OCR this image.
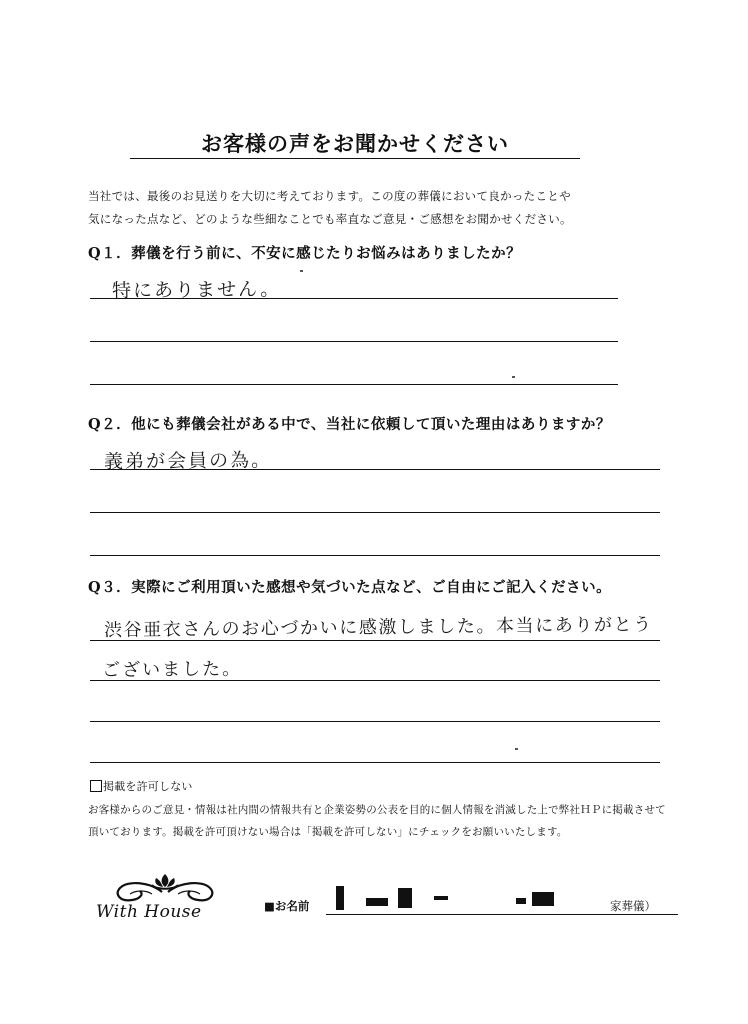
お客様の声をお聞かせください
当社では、最後のお見送りを大切に考えております。この度の葬儀において良かったことや
気になった点など、どのような些細なことでも率直なご意見・ご感想をお聞かせください。
Q１．葬儀を行う前に、不安に感じたりお悩みはありましたか？
特にありません。
Q２．他にも葬儀会社がある中で、当社に依頼して頂いた理由はありますか？
義弟が会員の為。
Q３．実際にご利用頂いた感想や気づいた点など、ご自由にご記入ください。
渋谷亜衣さんのお心づかいに感激しました。本当にありがとう
ございました。
掲載を許可しない
お客様からのご意見・情報は社内間の情報共有と企業姿勢の公表を目的に個人情報を消滅した上で弊社ＨＰに掲載させて
頂いております。掲載を許可頂けない場合は「掲載を許可しない」にチェックをお願いいたします。
With House	■お名前	家葬儀）
